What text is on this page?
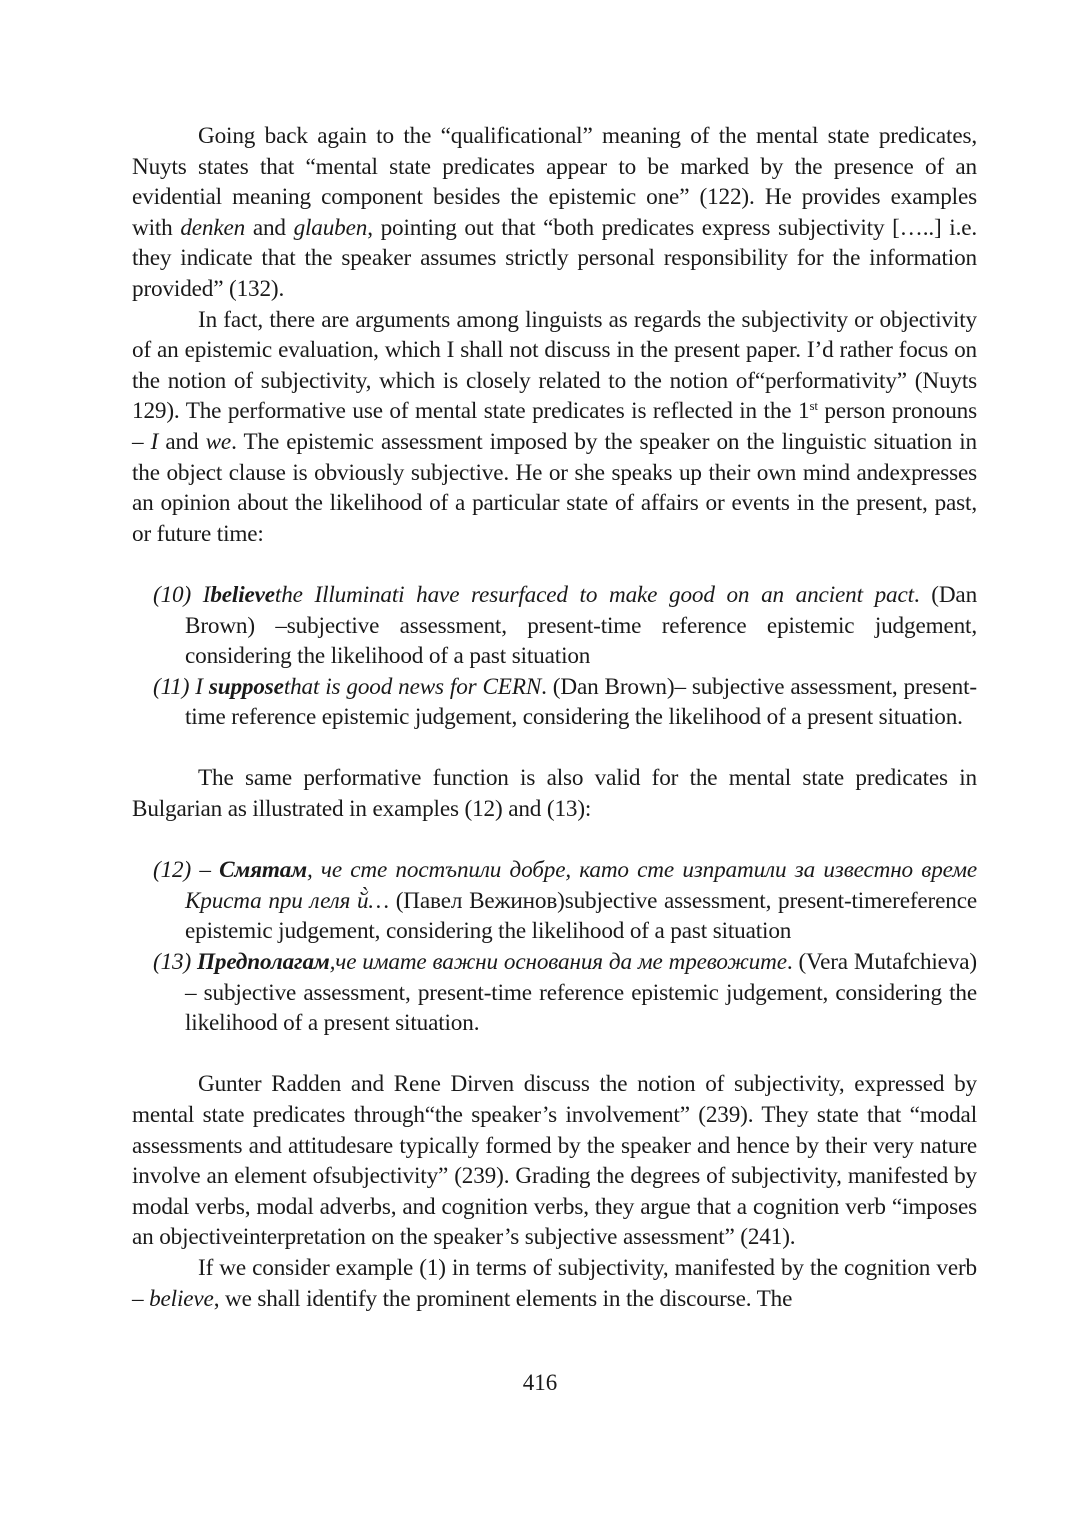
Going back again to the “qualificational” meaning of the mental state predicates, Nuyts states that “mental state predicates appear to be marked by the presence of an evidential meaning component besides the epistemic one” (122). He provides examples with denken and glauben, pointing out that “both predicates express subjectivity […..] i.e. they indicate that the speaker assumes strictly personal responsibility for the information provided” (132).

In fact, there are arguments among linguists as regards the subjectivity or objectivity of an epistemic evaluation, which I shall not discuss in the present paper. I’d rather focus on the notion of subjectivity, which is closely related to the notion of“performativity” (Nuyts 129). The performative use of mental state predicates is reflected in the 1st person pronouns – I and we. The epistemic assessment imposed by the speaker on the linguistic situation in the object clause is obviously subjective. He or she speaks up their own mind andexpresses an opinion about the likelihood of a particular state of affairs or events in the present, past, or future time:

(10) Ibelievethe Illuminati have resurfaced to make good on an ancient pact. (Dan Brown) –subjective assessment, present-time reference epistemic judgement, considering the likelihood of a past situation

(11) I supposethat is good news for CERN. (Dan Brown)– subjective assessment, present-time reference epistemic judgement, considering the likelihood of a present situation.

The same performative function is also valid for the mental state predicates in Bulgarian as illustrated in examples (12) and (13):

(12) – Смятам, че сте постъпили добре, като сте изпратили за известно време Криста при леля й̀… (Павел Вежинов)subjective assessment, present-timereference epistemic judgement, considering the likelihood of a past situation

(13) Предполагам,че имате важни основания да ме тревожите. (Vera Mutafchieva) – subjective assessment, present-time reference epistemic judgement, considering the likelihood of a present situation.

Gunter Radden and Rene Dirven discuss the notion of subjectivity, expressed by mental state predicates through“the speaker’s involvement” (239). They state that “modal assessments and attitudesare typically formed by the speaker and hence by their very nature involve an element ofsubjectivity” (239). Grading the degrees of subjectivity, manifested by modal verbs, modal adverbs, and cognition verbs, they argue that a cognition verb “imposes an objectiveinterpretation on the speaker’s subjective assessment” (241).

If we consider example (1) in terms of subjectivity, manifested by the cognition verb – believe, we shall identify the prominent elements in the discourse. The

416
